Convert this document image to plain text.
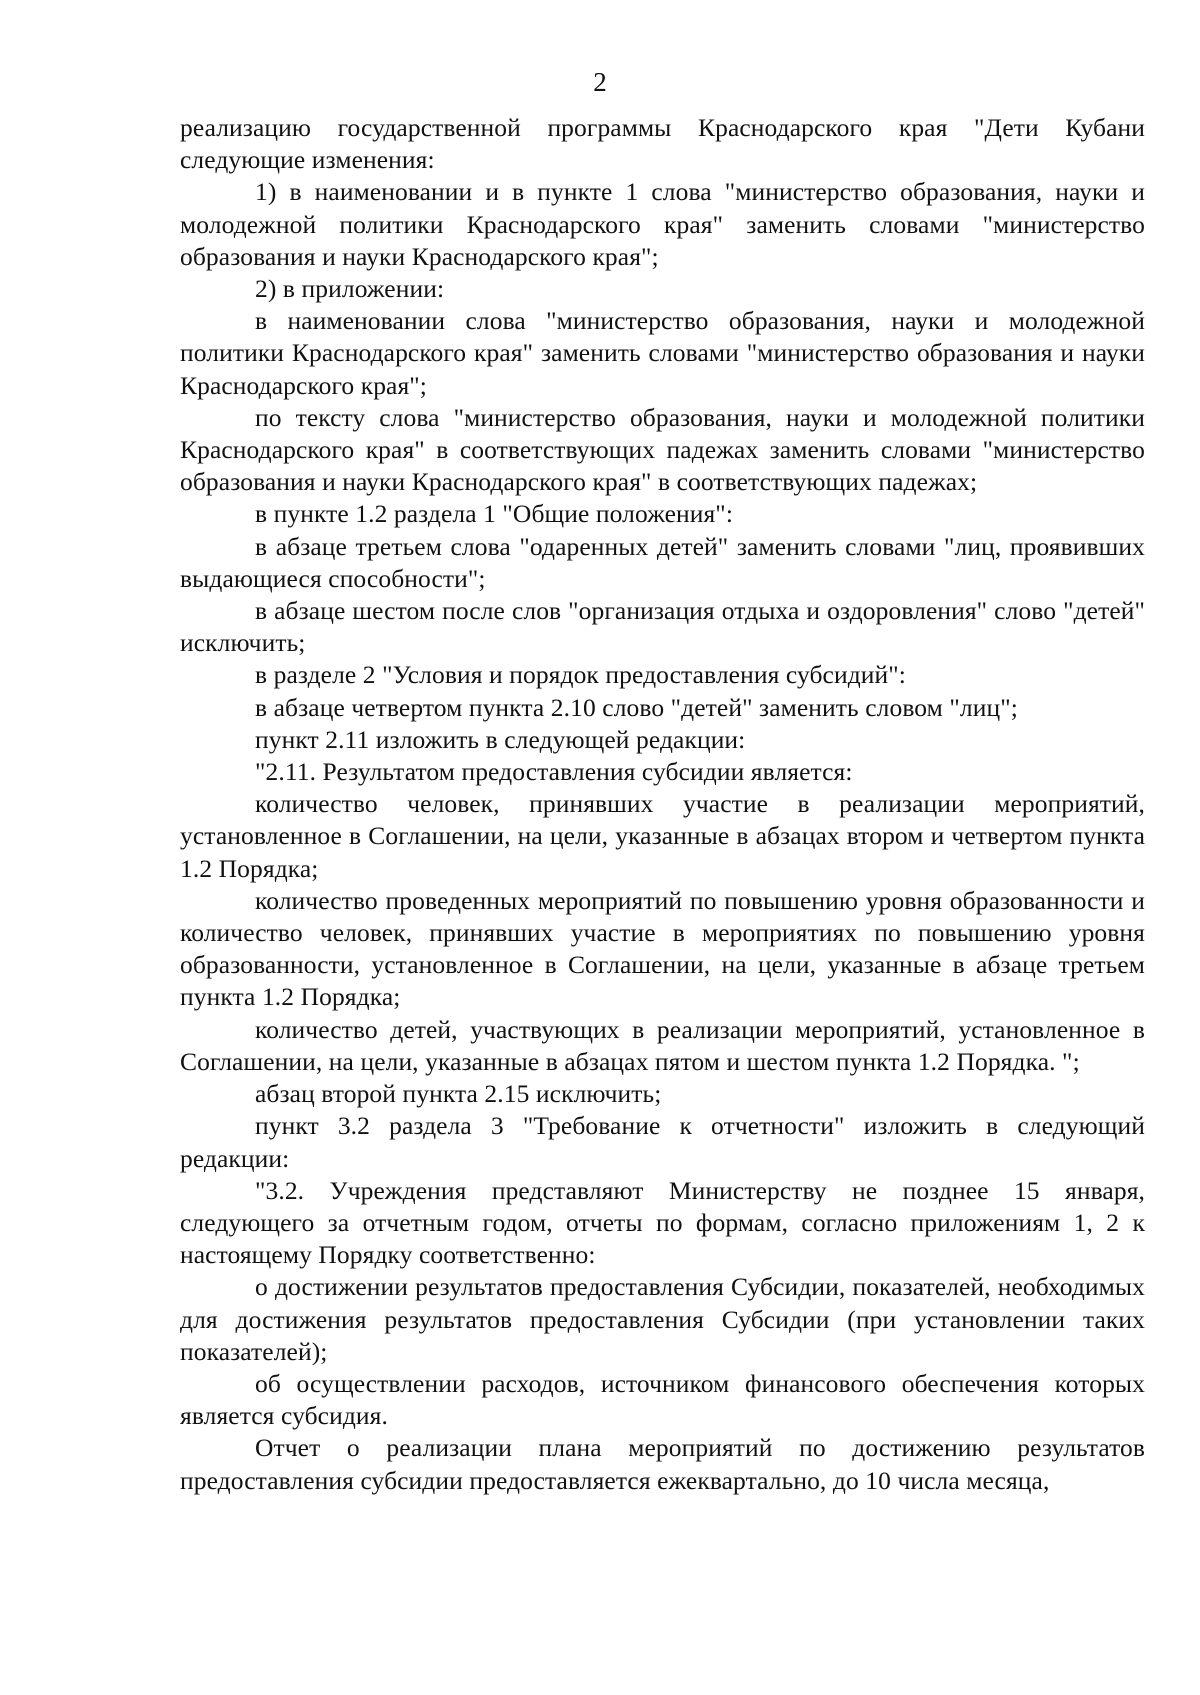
2

реализацию государственной программы Краснодарского края "Дети Кубани следующие изменения:

1) в наименовании и в пункте 1 слова "министерство образования, науки и молодежной политики Краснодарского края" заменить словами "министерство образования и науки Краснодарского края";

2) в приложении:

в наименовании слова "министерство образования, науки и молодежной политики Краснодарского края" заменить словами "министерство образования и науки Краснодарского края";

по тексту слова "министерство образования, науки и молодежной политики Краснодарского края" в соответствующих падежах заменить словами "министерство образования и науки Краснодарского края" в соответствующих падежах;

в пункте 1.2 раздела 1 "Общие положения":

в абзаце третьем слова "одаренных детей" заменить словами "лиц, проявивших выдающиеся способности";

в абзаце шестом после слов "организация отдыха и оздоровления" слово "детей" исключить;

в разделе 2 "Условия и порядок предоставления субсидий":

в абзаце четвертом пункта 2.10 слово "детей" заменить словом "лиц";

пункт 2.11 изложить в следующей редакции:

"2.11. Результатом предоставления субсидии является:

количество человек, принявших участие в реализации мероприятий, установленное в Соглашении, на цели, указанные в абзацах втором и четвертом пункта 1.2 Порядка;

количество проведенных мероприятий по повышению уровня образованности и количество человек, принявших участие в мероприятиях по повышению уровня образованности, установленное в Соглашении, на цели, указанные в абзаце третьем пункта 1.2 Порядка;

количество детей, участвующих в реализации мероприятий, установленное в Соглашении, на цели, указанные в абзацах пятом и шестом пункта 1.2 Порядка. ";

абзац второй пункта 2.15 исключить;

пункт 3.2 раздела 3 "Требование к отчетности" изложить в следующий редакции:

"3.2. Учреждения представляют Министерству не позднее 15 января, следующего за отчетным годом, отчеты по формам, согласно приложениям 1, 2 к настоящему Порядку соответственно:

о достижении результатов предоставления Субсидии, показателей, необходимых для достижения результатов предоставления Субсидии (при установлении таких показателей);

об осуществлении расходов, источником финансового обеспечения которых является субсидия.

Отчет о реализации плана мероприятий по достижению результатов предоставления субсидии предоставляется ежеквартально, до 10 числа месяца,
